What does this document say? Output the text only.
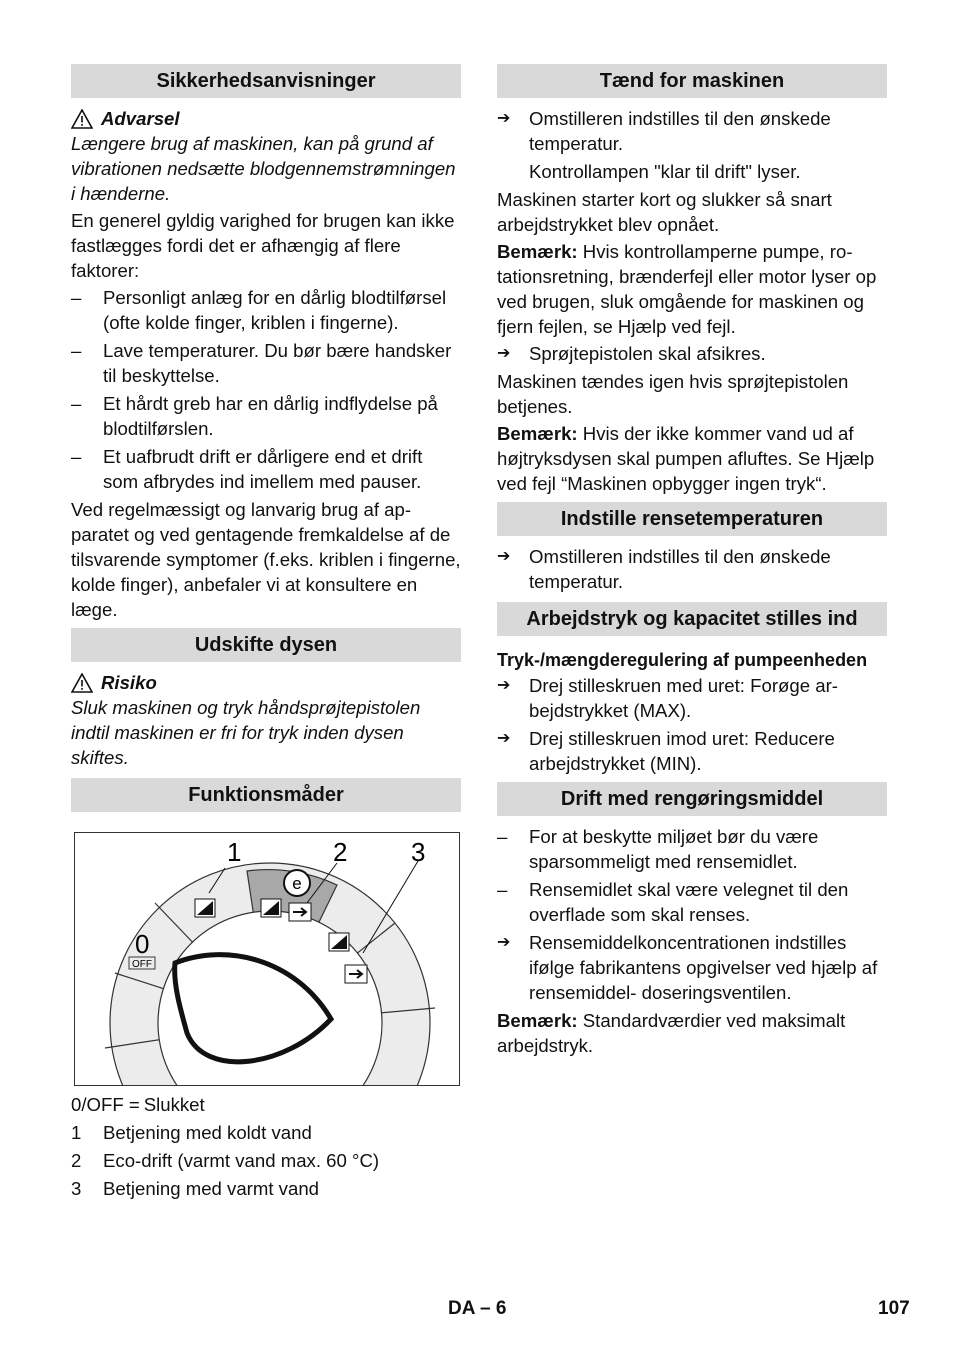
Sikkerhedsanvisninger
Advarsel

Længere brug af maskinen, kan på grund af vibrationen nedsætte blodgennemstrømningen i hænderne.

En generel gyldig varighed for brugen kan ikke fastlægges fordi det er afhængig af flere faktorer:

–	Personligt anlæg for en dårlig blodtilførsel (ofte kolde finger, kriblen i fingerne).
–	Lave temperaturer. Du bør bære handsker til beskyttelse.
–	Et hårdt greb har en dårlig indflydelse på blodtilførslen.
–	Et uafbrudt drift er dårligere end et drift som afbrydes ind imellem med pauser.

Ved regelmæssigt og lanvarig brug af apparatet og ved gentagende fremkaldelse af de tilsvarende symptomer (f.eks. kriblen i fingerne, kolde finger), anbefaler vi at konsultere en læge.

Udskifte dysen
Risiko

Sluk maskinen og tryk håndsprøjtepistolen indtil maskinen er fri for tryk inden dysen skiftes.

Funktionsmåder
e
1	2 3
0
OFF
0/OFF = Slukket
1	Betjening med koldt vand
2	Eco-drift (varmt vand max. 60 °C)
3	Betjening med varmt vand
Tænd for maskinen
➔ Omstilleren indstilles til den ønskede temperatur.

Kontrollampen "klar til drift" lyser.

Maskinen starter kort og slukker så snart arbejdstrykket blev opnået.

Bemærk: Hvis kontrollamperne pumpe, rotationsretning, brænderfejl eller motor lyser op ved brugen, sluk omgående for maskinen og fjern fejlen, se Hjælp ved fejl.

➔ Sprøjtepistolen skal afsikres.

Maskinen tændes igen hvis sprøjtepistolen betjenes.

Bemærk: Hvis der ikke kommer vand ud af højtryksdysen skal pumpen afluftes. Se Hjælp ved fejl “Maskinen opbygger ingen tryk“.

Indstille rensetemperaturen
➔ Omstilleren indstilles til den ønskede temperatur.
Arbejdstryk og kapacitet stilles ind

Tryk-/mængderegulering af pumpeenheden

➔ Drej stilleskruen med uret: Forøge arbejdstrykket (MAX).
➔ Drej stilleskruen imod uret: Reducere arbejdstrykket (MIN).
Drift med rengøringsmiddel
–	For at beskytte miljøet bør du være sparsommeligt med rensemidlet.
–	Rensemidlet skal være velegnet til den overflade som skal renses.
➔ Rensemiddelkoncentrationen indstilles ifølge fabrikantens opgivelser ved hjælp af rensemiddel- doseringsventilen.

Bemærk: Standardværdier ved maksimalt arbejdstryk.

DA – 6	107
